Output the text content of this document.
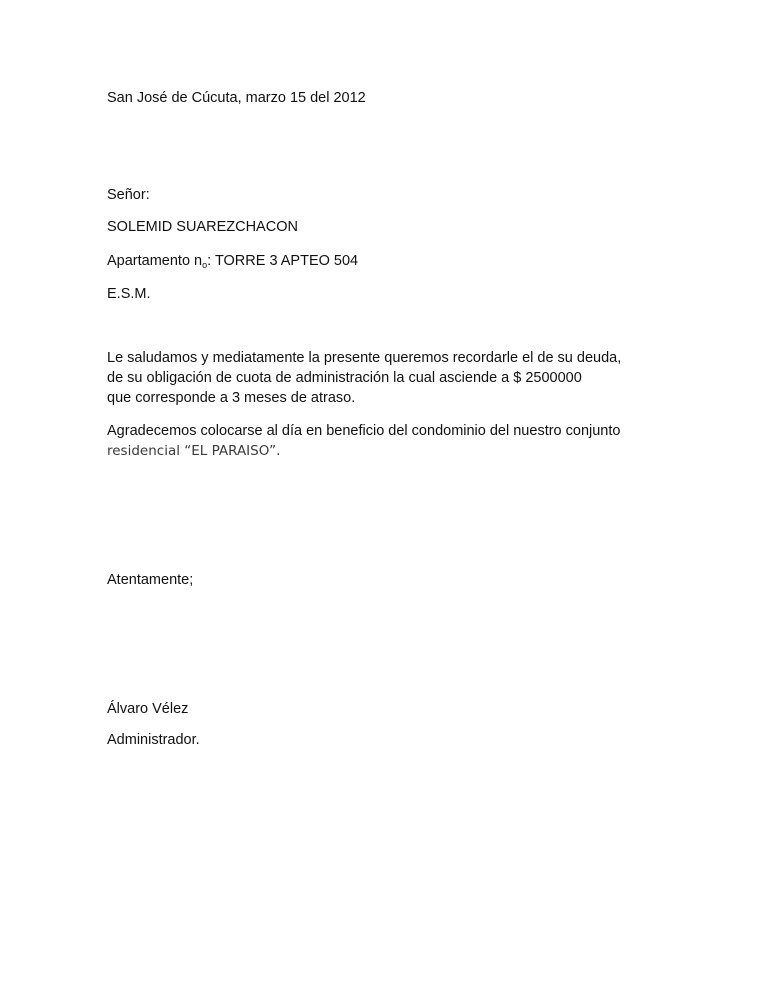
San José de Cúcuta, marzo 15 del 2012
Señor:
SOLEMID SUAREZCHACON
Apartamento $n_o$: TORRE 3 APTEO 504
E.S.M.
Le saludamos y mediatamente la presente queremos recordarle el de su deuda,
de su obligación de cuota de administración la cual asciende a $ 2500000
que corresponde a 3 meses de atraso.
Agradecemos colocarse al día en beneficio del condominio del nuestro conjunto
residencial “EL PARAISO”.
Atentamente;
Álvaro Vélez
Administrador.
